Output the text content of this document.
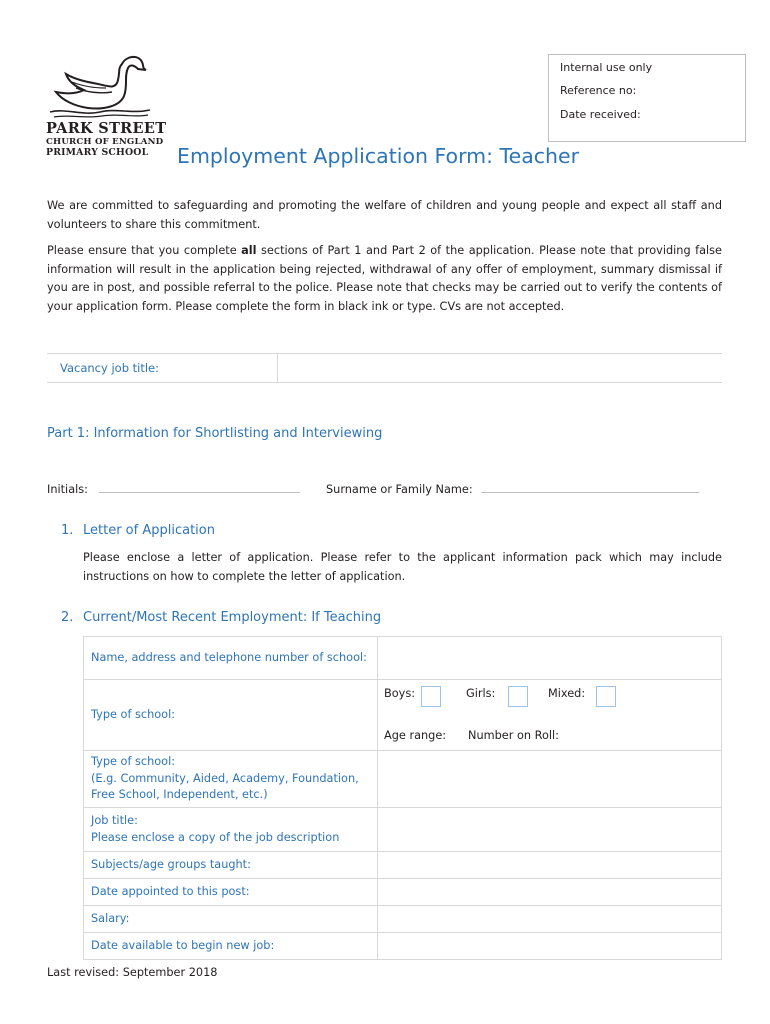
PARK STREET
CHURCH OF ENGLAND
PRIMARY SCHOOL
Internal use only
Reference no:
Date received:
Employment Application Form: Teacher

We are committed to safeguarding and promoting the welfare of children and young people and expect all staff and volunteers to share this commitment.

Please ensure that you complete all sections of Part 1 and Part 2 of the application. Please note that providing false information will result in the application being rejected, withdrawal of any offer of employment, summary dismissal if you are in post, and possible referral to the police. Please note that checks may be carried out to verify the contents of your application form. Please complete the form in black ink or type. CVs are not accepted.

Vacancy job title:
Part 1: Information for Shortlisting and Interviewing
Initials:	Surname or Family Name:
1. Letter of Application

Please enclose a letter of application. Please refer to the applicant information pack which may include instructions on how to complete the letter of application.

2. Current/Most Recent Employment: If Teaching
Name, address and telephone number of school:	
Type of school:	Boys: Girls: Mixed:
Age range: Number on Roll:

Type of school:
(E.g. Community, Aided, Academy, Foundation, Free School, Independent, etc.)	

Job title:
Please enclose a copy of the job description	

Subjects/age groups taught:	
Date appointed to this post:	
Salary:	
Date available to begin new job:	
Last revised: September 2018
